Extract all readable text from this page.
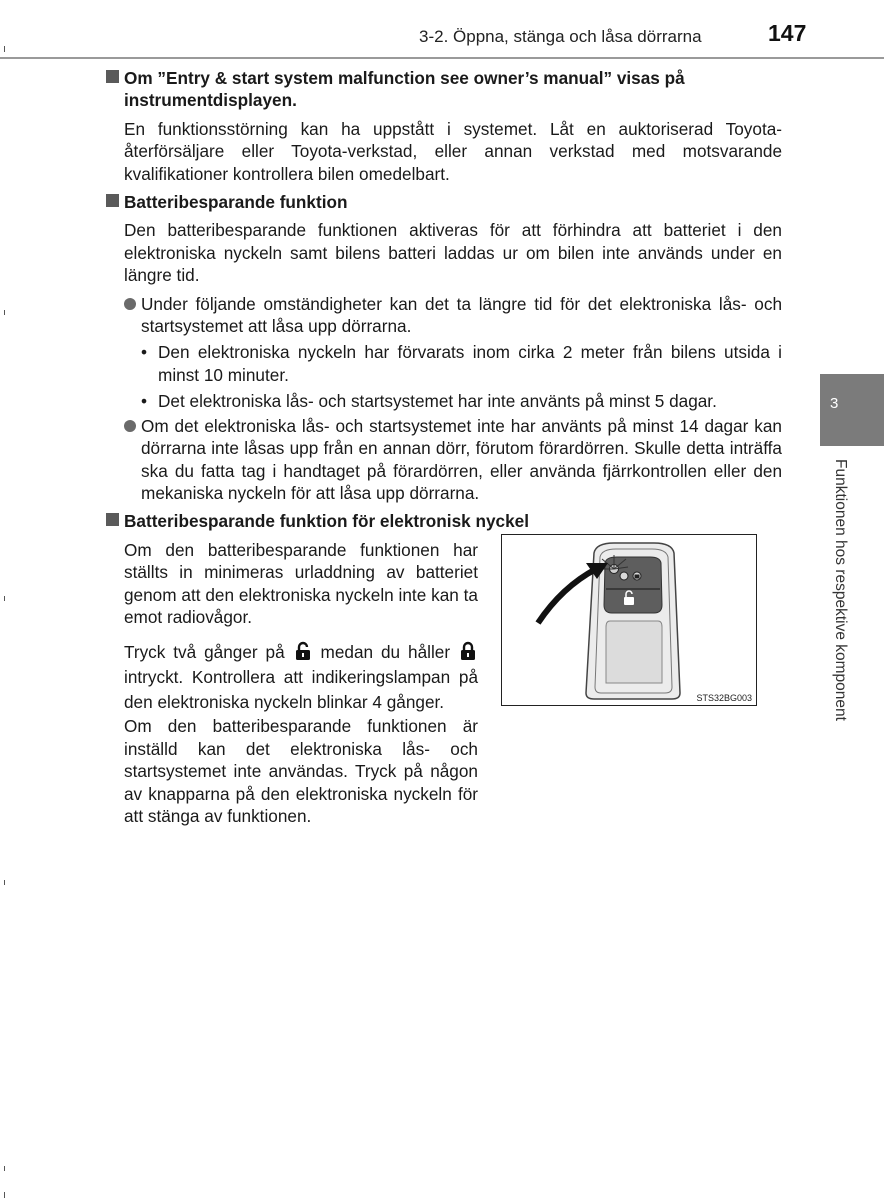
3-2. Öppna, stänga och låsa dörrarna	147
3
Funktionen hos respektive komponent
Om ”Entry & start system malfunction see owner’s manual” visas på instrumentdisplayen.
En funktionsstörning kan ha uppstått i systemet. Låt en auktoriserad Toyota-återförsäljare eller Toyota-verkstad, eller annan verkstad med motsvarande kvalifikationer kontrollera bilen omedelbart.
Batteribesparande funktion
Den batteribesparande funktionen aktiveras för att förhindra att batteriet i den elektroniska nyckeln samt bilens batteri laddas ur om bilen inte används under en längre tid.
Under följande omständigheter kan det ta längre tid för det elektroniska lås- och startsystemet att låsa upp dörrarna.
• Den elektroniska nyckeln har förvarats inom cirka 2 meter från bilens utsida i minst 10 minuter.
• Det elektroniska lås- och startsystemet har inte använts på minst 5 dagar.
Om det elektroniska lås- och startsystemet inte har använts på minst 14 dagar kan dörrarna inte låsas upp från en annan dörr, förutom förardörren. Skulle detta inträffa ska du fatta tag i handtaget på förardörren, eller använda fjärrkontrollen eller den mekaniska nyckeln för att låsa upp dörrarna.
Batteribesparande funktion för elektronisk nyckel
Om den batteribesparande funktionen har ställts in minimeras urladdning av batteriet genom att den elektroniska nyckeln inte kan ta emot radiovågor.
Tryck två gånger på medan du håller  intryckt. Kontrollera att indikeringslampan på den elektroniska nyckeln blinkar 4 gånger.
Om den batteribesparande funktionen är inställd kan det elektroniska lås- och startsystemet inte användas. Tryck på någon av knapparna på den elektroniska nyckeln för att stänga av funktionen.
STS32BG003
